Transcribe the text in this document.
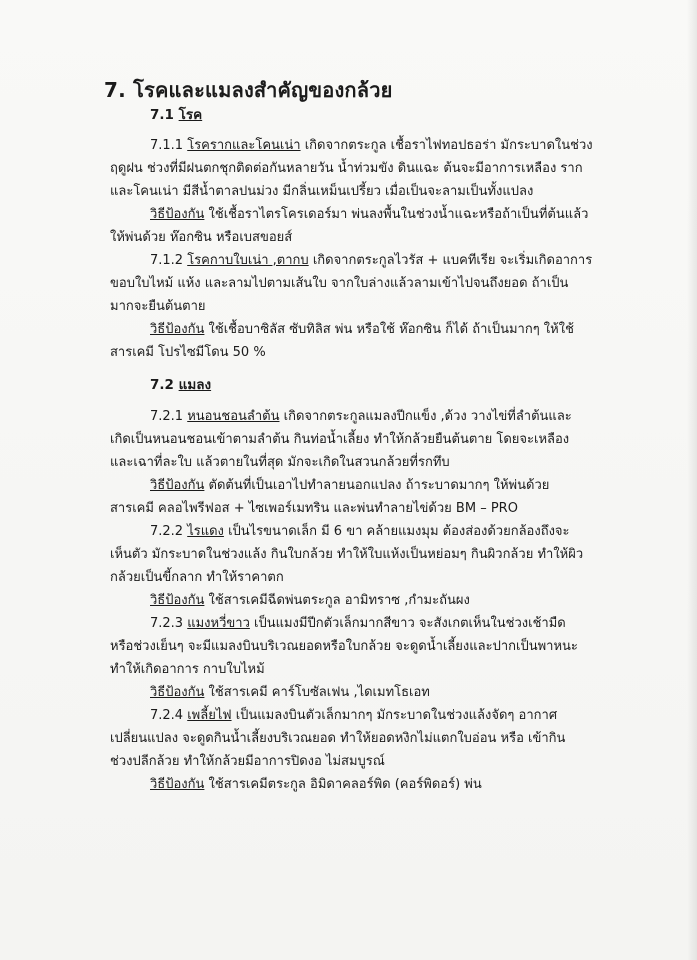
7. โรคและแมลงสำคัญของกล้วย
7.1 โรค
7.1.1 โรครากและโคนเน่า เกิดจากตระกูล เชื้อราไฟทอปธอร่า มักระบาดในช่วง
ฤดูฝน ช่วงที่มีฝนตกชุกติดต่อกันหลายวัน น้ำท่วมขัง ดินแฉะ ต้นจะมีอาการเหลือง ราก
และโคนเน่า มีสีน้ำตาลปนม่วง มีกลิ่นเหม็นเปรี้ยว เมื่อเป็นจะลามเป็นทั้งแปลง
วิธีป้องกัน ใช้เชื้อราไตรโครเดอร์มา พ่นลงพื้นในช่วงน้ำแฉะหรือถ้าเป็นที่ต้นแล้ว
ให้พ่นด้วย ห๊อกซิน หรือเบสขอยส์
7.1.2 โรคกาบใบเน่า ,ตากบ เกิดจากตระกูลไวรัส + แบคทีเรีย จะเริ่มเกิดอาการ
ขอบใบไหม้ แห้ง และลามไปตามเส้นใบ จากใบล่างแล้วลามเข้าไปจนถึงยอด ถ้าเป็น
มากจะยืนต้นตาย
วิธีป้องกัน ใช้เชื้อบาซิลัส ซับทิลิส พ่น หรือใช้ ห๊อกซิน ก็ได้ ถ้าเป็นมากๆ ให้ใช้
สารเคมี โปรไซมีโดน 50 %
7.2 แมลง
7.2.1 หนอนชอนลำต้น เกิดจากตระกูลแมลงปีกแข็ง ,ด้วง วางไข่ที่ลำต้นและ
เกิดเป็นหนอนชอนเข้าตามลำต้น กินท่อน้ำเลี้ยง ทำให้กล้วยยืนต้นตาย โดยจะเหลือง
และเฉาที่ละใบ แล้วตายในที่สุด มักจะเกิดในสวนกล้วยที่รกทึบ
วิธีป้องกัน ตัดต้นที่เป็นเอาไปทำลายนอกแปลง ถ้าระบาดมากๆ ให้พ่นด้วย
สารเคมี คลอไพรีฟอส + ไซเพอร์เมทริน และพ่นทำลายไข่ด้วย BM – PRO
7.2.2 ไรแดง เป็นไรขนาดเล็ก มี 6 ขา คล้ายแมงมุม ต้องส่องด้วยกล้องถึงจะ
เห็นตัว มักระบาดในช่วงแล้ง กินใบกล้วย ทำให้ใบแห้งเป็นหย่อมๆ กินผิวกล้วย ทำให้ผิว
กล้วยเป็นขี้กลาก ทำให้ราคาตก
วิธีป้องกัน ใช้สารเคมีฉีดพ่นตระกูล อามิทราซ ,กำมะถันผง
7.2.3 แมงหวี่ขาว เป็นแมงมีปีกตัวเล็กมากสีขาว จะสังเกตเห็นในช่วงเช้ามืด
หรือช่วงเย็นๆ จะมีแมลงบินบริเวณยอดหรือใบกล้วย จะดูดน้ำเลี้ยงและปากเป็นพาหนะ
ทำให้เกิดอาการ กาบใบไหม้
วิธีป้องกัน ใช้สารเคมี คาร์โบซัลเฟน ,ไดเมทโธเอท
7.2.4 เพลี้ยไฟ เป็นแมลงบินตัวเล็กมากๆ มักระบาดในช่วงแล้งจัดๆ อากาศ
เปลี่ยนแปลง จะดูดกินน้ำเลี้ยงบริเวณยอด ทำให้ยอดหงิกไม่แตกใบอ่อน หรือ เข้ากิน
ช่วงปลีกล้วย ทำให้กล้วยมีอาการปิดงอ ไม่สมบูรณ์
วิธีป้องกัน ใช้สารเคมีตระกูล อิมิดาคลอร์พิด (คอร์พิดอร์) พ่น
